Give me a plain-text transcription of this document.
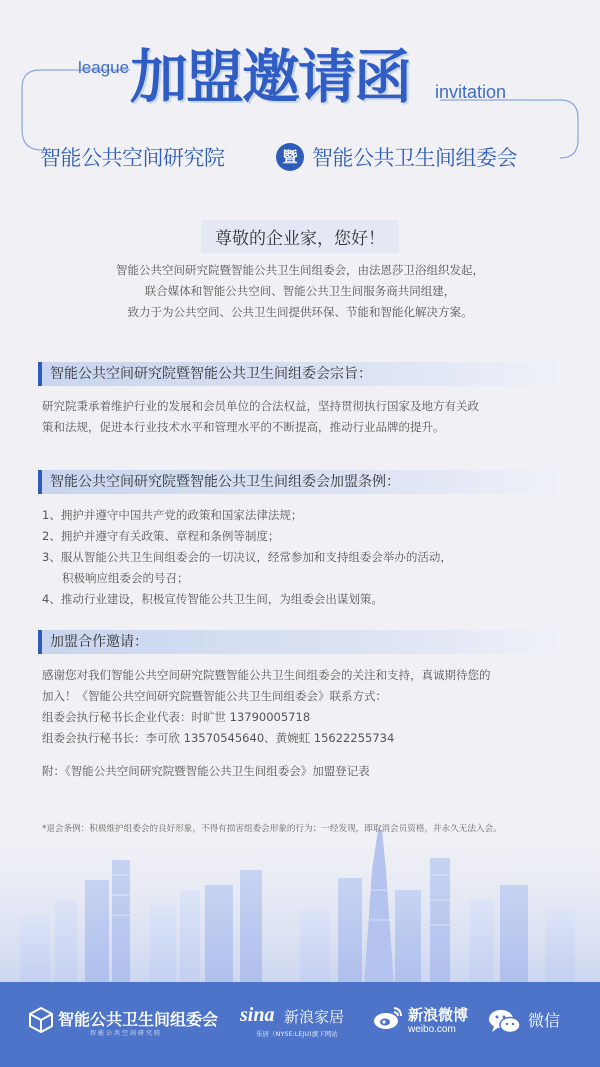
加盟邀请函
league
invitation
智能公共空间研究院	暨 智能公共卫生间组委会
尊敬的企业家，您好！
智能公共空间研究院暨智能公共卫生间组委会，由法恩莎卫浴组织发起，
联合媒体和智能公共空间、智能公共卫生间服务商共同组建，
致力于为公共空间、公共卫生间提供环保、节能和智能化解决方案。
智能公共空间研究院暨智能公共卫生间组委会宗旨：

研究院秉承着维护行业的发展和会员单位的合法权益，坚持贯彻执行国家及地方有关政

策和法规，促进本行业技术水平和管理水平的不断提高，推动行业品牌的提升。

智能公共空间研究院暨智能公共卫生间组委会加盟条例：

1、拥护并遵守中国共产党的政策和国家法律法规；

2、拥护并遵守有关政策、章程和条例等制度；

3、服从智能公共卫生间组委会的一切决议，经常参加和支持组委会举办的活动，

积极响应组委会的号召；

4、推动行业建设，积极宣传智能公共卫生间，为组委会出谋划策。

加盟合作邀请：

感谢您对我们智能公共空间研究院暨智能公共卫生间组委会的关注和支持，真诚期待您的

加入！《智能公共空间研究院暨智能公共卫生间组委会》联系方式：

组委会执行秘书长企业代表：时旷世 13790005718

组委会执行秘书长：李可欣 13570545640、黄婉虹 15622255734

附：《智能公共空间研究院暨智能公共卫生间组委会》加盟登记表

*退会条例：积极维护组委会的良好形象，不得有损害组委会形象的行为；一经发现，即取消会员资格，并永久无法入会。
智能公共卫生间组委会
智能公共空间研究院
sina 新浪家居
乐居（NYSE:LEJU)旗下网站
新浪微博
weibo.com	微信
